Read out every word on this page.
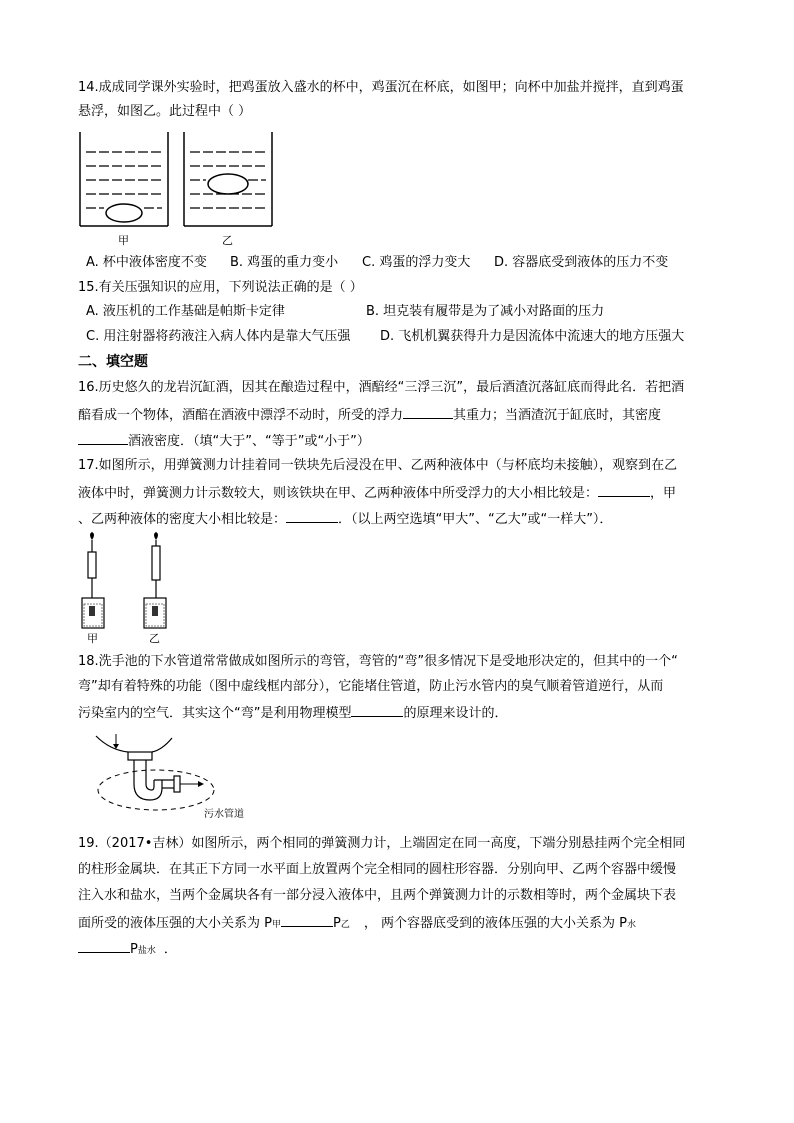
14.成成同学课外实验时，把鸡蛋放入盛水的杯中，鸡蛋沉在杯底，如图甲；向杯中加盐并搅拌，直到鸡蛋
悬浮，如图乙。此过程中（ ）
甲	乙
A. 杯中液体密度不变 B. 鸡蛋的重力变小 C. 鸡蛋的浮力变大 D. 容器底受到液体的压力不变
15.有关压强知识的应用，下列说法正确的是（ ）
A. 液压机的工作基础是帕斯卡定律	B. 坦克装有履带是为了减小对路面的压力
C. 用注射器将药液注入病人体内是靠大气压强 D. 飞机机翼获得升力是因流体中流速大的地方压强大
二、填空题
16.历史悠久的龙岩沉缸酒，因其在酿造过程中，酒醅经“三浮三沉”，最后酒渣沉落缸底而得此名．若把酒
醅看成一个物体，酒醅在酒液中漂浮不动时，所受的浮力	其重力；当酒渣沉于缸底时，其密度
酒液密度．（填“大于”、“等于”或“小于”）
17.如图所示，用弹簧测力计挂着同一铁块先后浸没在甲、乙两种液体中（与杯底均未接触），观察到在乙
液体中时，弹簧测力计示数较大，则该铁块在甲、乙两种液体中所受浮力的大小相比较是：	，甲
、乙两种液体的密度大小相比较是：	．（以上两空选填“甲大”、“乙大”或“一样大”）．
甲	乙
18.洗手池的下水管道常常做成如图所示的弯管，弯管的“弯”很多情况下是受地形决定的，但其中的一个“
弯”却有着特殊的功能（图中虚线框内部分），它能堵住管道，防止污水管内的臭气顺着管道逆行，从而
污染室内的空气．其实这个“弯”是利用物理模型	的原理来设计的．
污水管道
19.（2017•吉林）如图所示，两个相同的弹簧测力计，上端固定在同一高度，下端分别悬挂两个完全相同
的柱形金属块．在其正下方同一水平面上放置两个完全相同的圆柱形容器．分别向甲、乙两个容器中缓慢
注入水和盐水，当两个金属块各有一部分浸入液体中，且两个弹簧测力计的示数相等时，两个金属块下表
面所受的液体压强的大小关系为 P甲	P乙 ， 两个容器底受到的液体压强的大小关系为 P水
P盐水 ．
